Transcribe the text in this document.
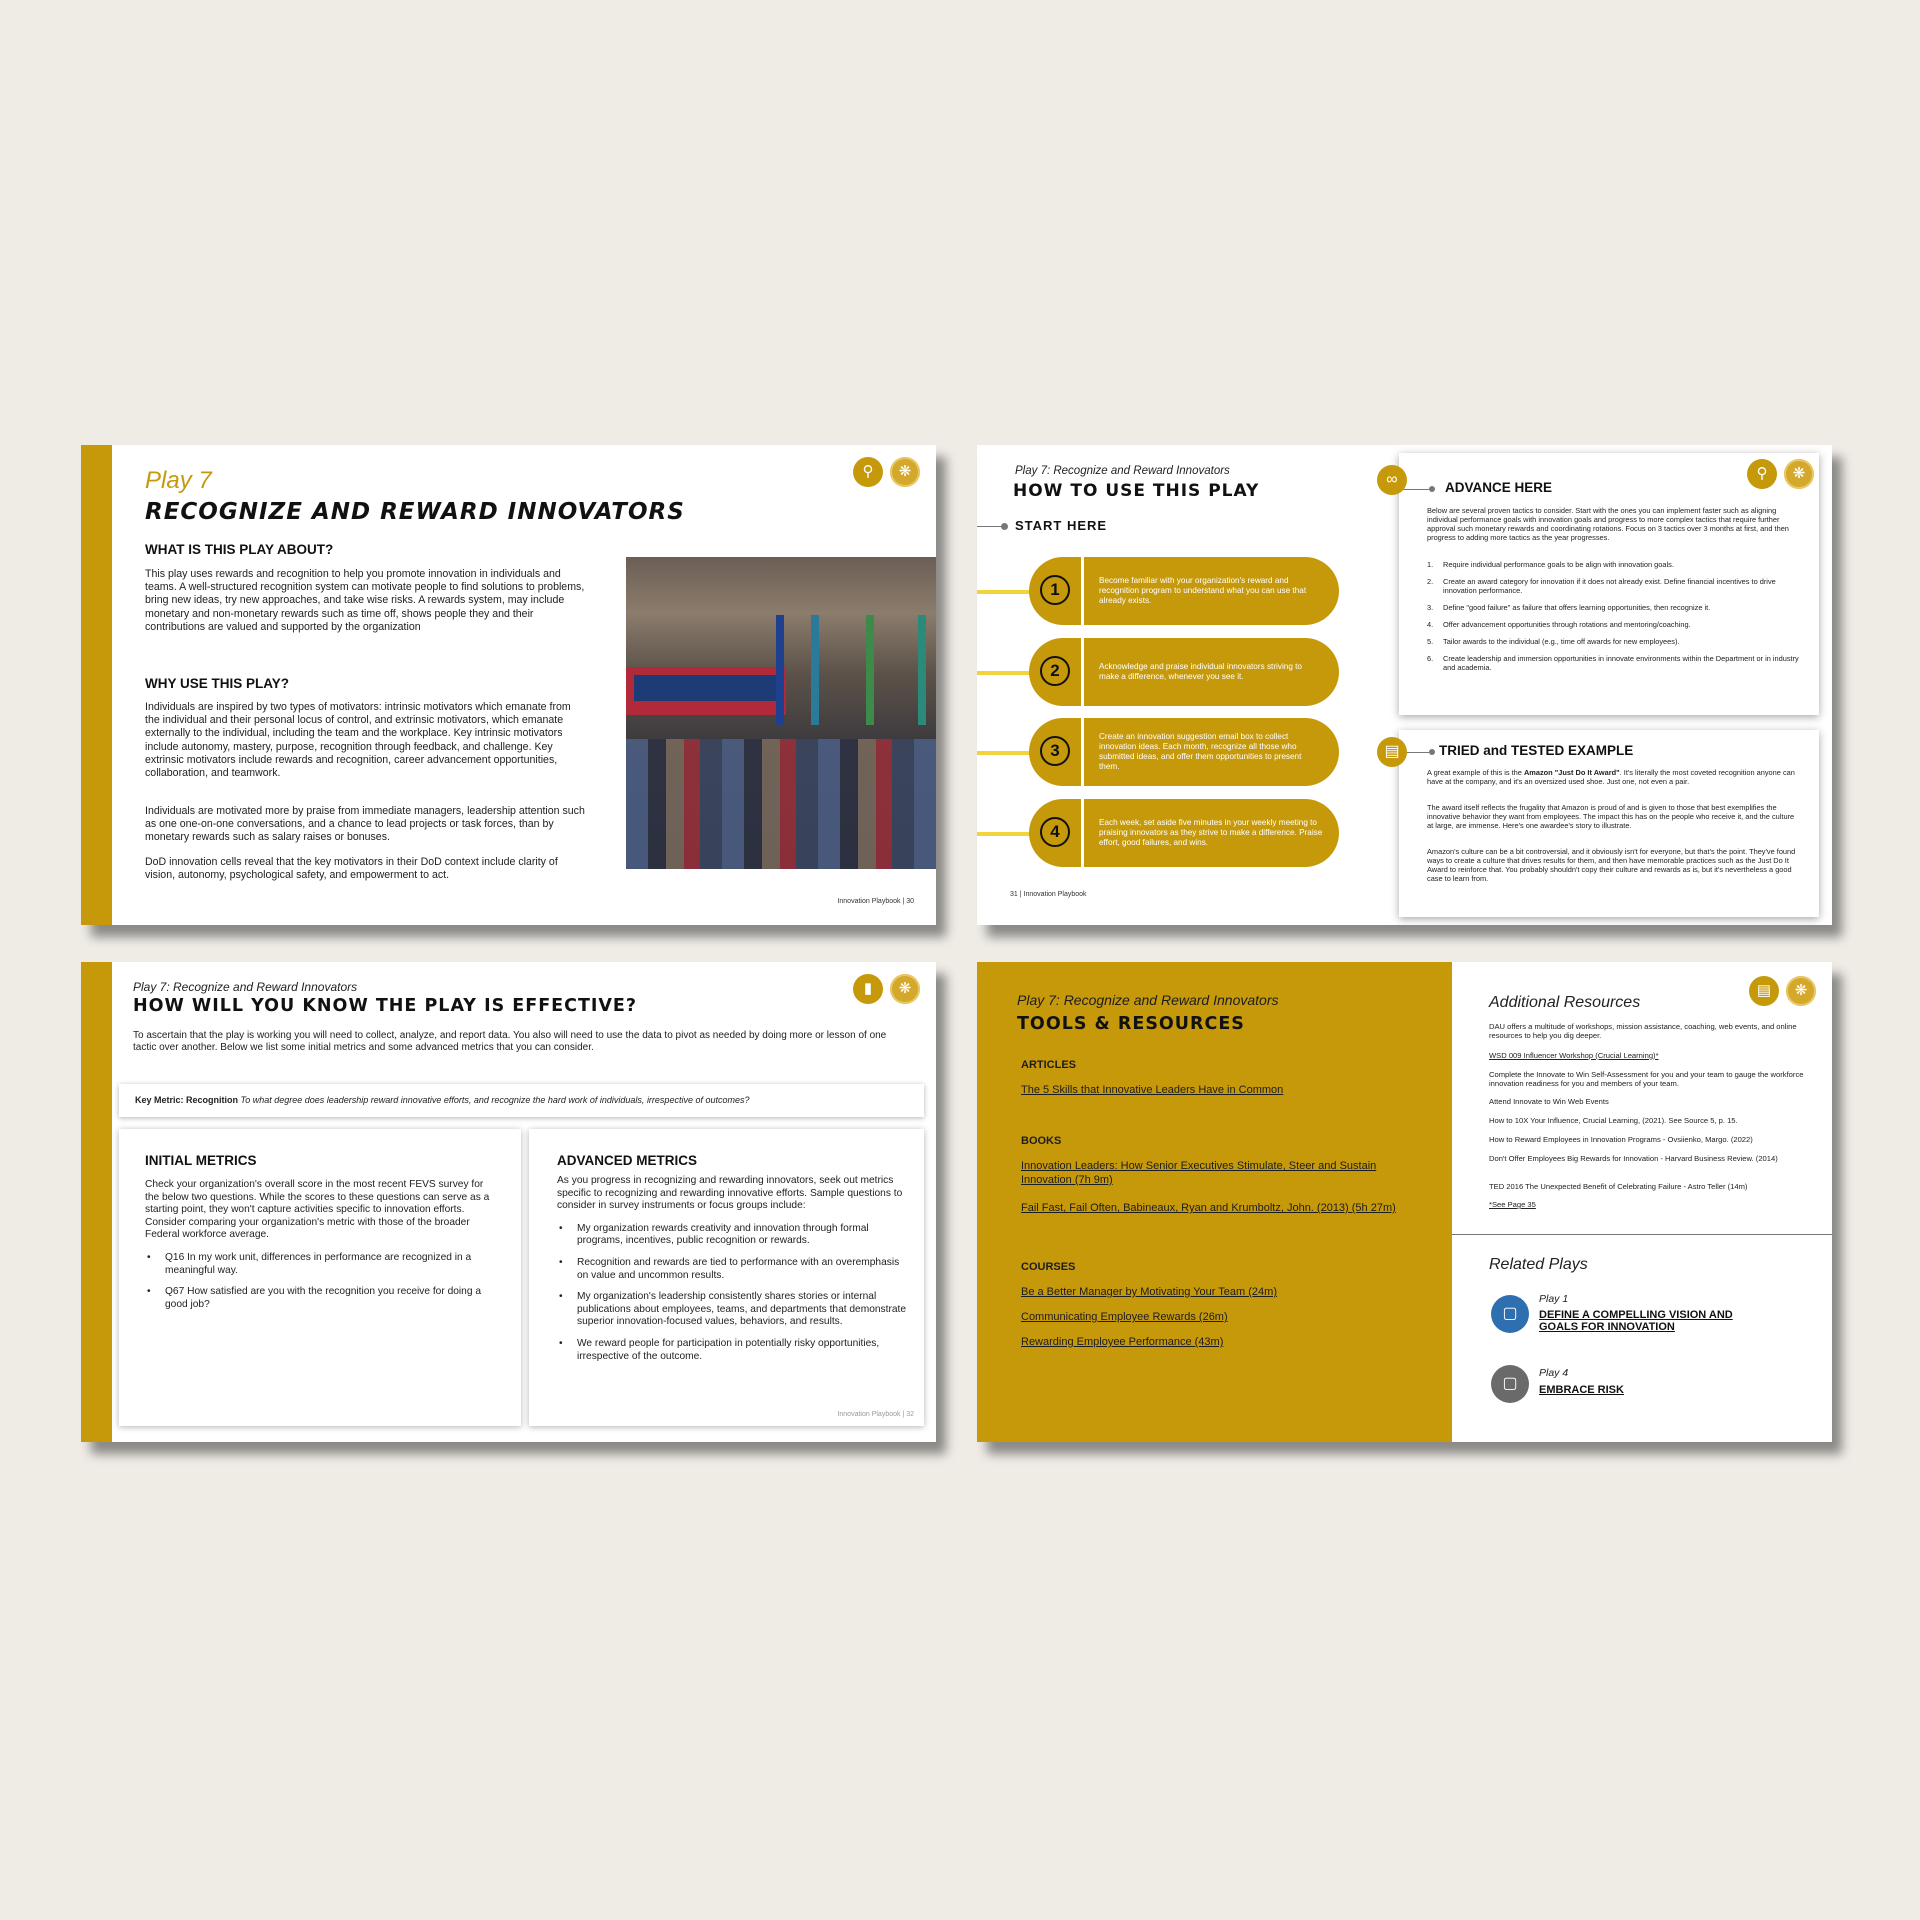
⚲	❋
Play 7
RECOGNIZE AND REWARD INNOVATORS
WHAT IS THIS PLAY ABOUT?
This play uses rewards and recognition to help you promote innovation in individuals and teams. A well-structured recognition system can motivate people to find solutions to problems, bring new ideas, try new approaches, and take wise risks. A rewards system, may include monetary and non-monetary rewards such as time off, shows people they and their contributions are valued and supported by the organization
WHY USE THIS PLAY?
Individuals are inspired by two types of motivators: intrinsic motivators which emanate from the individual and their personal locus of control, and extrinsic motivators, which emanate externally to the individual, including the team and the workplace. Key intrinsic motivators include autonomy, mastery, purpose, recognition through feedback, and challenge. Key extrinsic motivators include rewards and recognition, career advancement opportunities, collaboration, and teamwork.
Individuals are motivated more by praise from immediate managers, leadership attention such as one one-on-one conversations, and a chance to lead projects or task forces, than by monetary rewards such as salary raises or bonuses.
DoD innovation cells reveal that the key motivators in their DoD context include clarity of vision, autonomy, psychological safety, and empowerment to act.
Innovation Playbook | 30
Play 7: Recognize and Reward Innovators
HOW TO USE THIS PLAY
START HERE
1	Become familiar with your organization's reward and recognition program to understand what you can use that already exists.
2	Acknowledge and praise individual innovators striving to make a difference, whenever you see it.
3
Create an innovation suggestion email box to collect innovation ideas. Each month, recognize all those who submitted ideas, and offer them opportunities to present them.
4	Each week, set aside five minutes in your weekly meeting to praising innovators as they strive to make a difference. Praise effort, good failures, and wins.
∞	ADVANCE HERE
Below are several proven tactics to consider. Start with the ones you can implement faster such as aligning individual performance goals with innovation goals and progress to more complex tactics that require further approval such monetary rewards and coordinating rotations. Focus on 3 tactics over 3 months at first, and then progress to adding more tactics as the year progresses.
1. Require individual performance goals to be align with innovation goals.
2. Create an award category for innovation if it does not already exist. Define financial incentives to drive innovation performance.
3. Define "good failure" as failure that offers learning opportunities, then recognize it.
4. Offer advancement opportunities through rotations and mentoring/coaching.
5. Tailor awards to the individual (e.g., time off awards for new employees).
6. Create leadership and immersion opportunities in innovate environments within the Department or in industry and academia.
⚲	❋
▤	TRIED and TESTED EXAMPLE
A great example of this is the Amazon "Just Do It Award". It's literally the most coveted recognition anyone can have at the company, and it's an oversized used shoe. Just one, not even a pair.
The award itself reflects the frugality that Amazon is proud of and is given to those that best exemplifies the innovative behavior they want from employees. The impact this has on the people who receive it, and the culture at large, are immense. Here's one awardee's story to illustrate.
Amazon's culture can be a bit controversial, and it obviously isn't for everyone, but that's the point. They've found ways to create a culture that drives results for them, and then have memorable practices such as the Just Do It Award to reinforce that. You probably shouldn't copy their culture and rewards as is, but it's nevertheless a good case to learn from.
31 | Innovation Playbook
▮	❋
Play 7: Recognize and Reward Innovators
HOW WILL YOU KNOW THE PLAY IS EFFECTIVE?
To ascertain that the play is working you will need to collect, analyze, and report data. You also will need to use the data to pivot as needed by doing more or lesson of one tactic over another. Below we list some initial metrics and some advanced metrics that you can consider.
Key Metric: Recognition To what degree does leadership reward innovative efforts, and recognize the hard work of individuals, irrespective of outcomes?
INITIAL METRICS
Check your organization's overall score in the most recent FEVS survey for the below two questions. While the scores to these questions can serve as a starting point, they won't capture activities specific to innovation efforts. Consider comparing your organization's metric with those of the broader Federal workforce average.
• Q16 In my work unit, differences in performance are recognized in a meaningful way.
• Q67 How satisfied are you with the recognition you receive for doing a good job?
ADVANCED METRICS
As you progress in recognizing and rewarding innovators, seek out metrics specific to recognizing and rewarding innovative efforts. Sample questions to consider in survey instruments or focus groups include:
• My organization rewards creativity and innovation through formal programs, incentives, public recognition or rewards.
• Recognition and rewards are tied to performance with an overemphasis on value and uncommon results.
• My organization's leadership consistently shares stories or internal publications about employees, teams, and departments that demonstrate superior innovation-focused values, behaviors, and results.
• We reward people for participation in potentially risky opportunities, irrespective of the outcome.
Innovation Playbook | 32
Play 7: Recognize and Reward Innovators
TOOLS & RESOURCES
ARTICLES
The 5 Skills that Innovative Leaders Have in Common
BOOKS
Innovation Leaders: How Senior Executives Stimulate, Steer and Sustain Innovation (7h 9m)
Fail Fast, Fail Often, Babineaux, Ryan and Krumboltz, John. (2013) (5h 27m)
COURSES
Be a Better Manager by Motivating Your Team (24m)
Communicating Employee Rewards (26m)
Rewarding Employee Performance (43m)
▤	❋
Additional Resources
DAU offers a multitude of workshops, mission assistance, coaching, web events, and online resources to help you dig deeper.
WSD 009 Influencer Workshop (Crucial Learning)*
Complete the Innovate to Win Self-Assessment for you and your team to gauge the workforce innovation readiness for you and members of your team.
Attend Innovate to Win Web Events
How to 10X Your Influence, Crucial Learning, (2021). See Source 5, p. 15.
How to Reward Employees in Innovation Programs - Ovsiienko, Margo. (2022)
Don't Offer Employees Big Rewards for Innovation - Harvard Business Review. (2014)
TED 2016 The Unexpected Benefit of Celebrating Failure - Astro Teller (14m)
*See Page 35
Related Plays
▢
Play 1
DEFINE A COMPELLING VISION AND GOALS FOR INNOVATION
▢
Play 4
EMBRACE RISK
